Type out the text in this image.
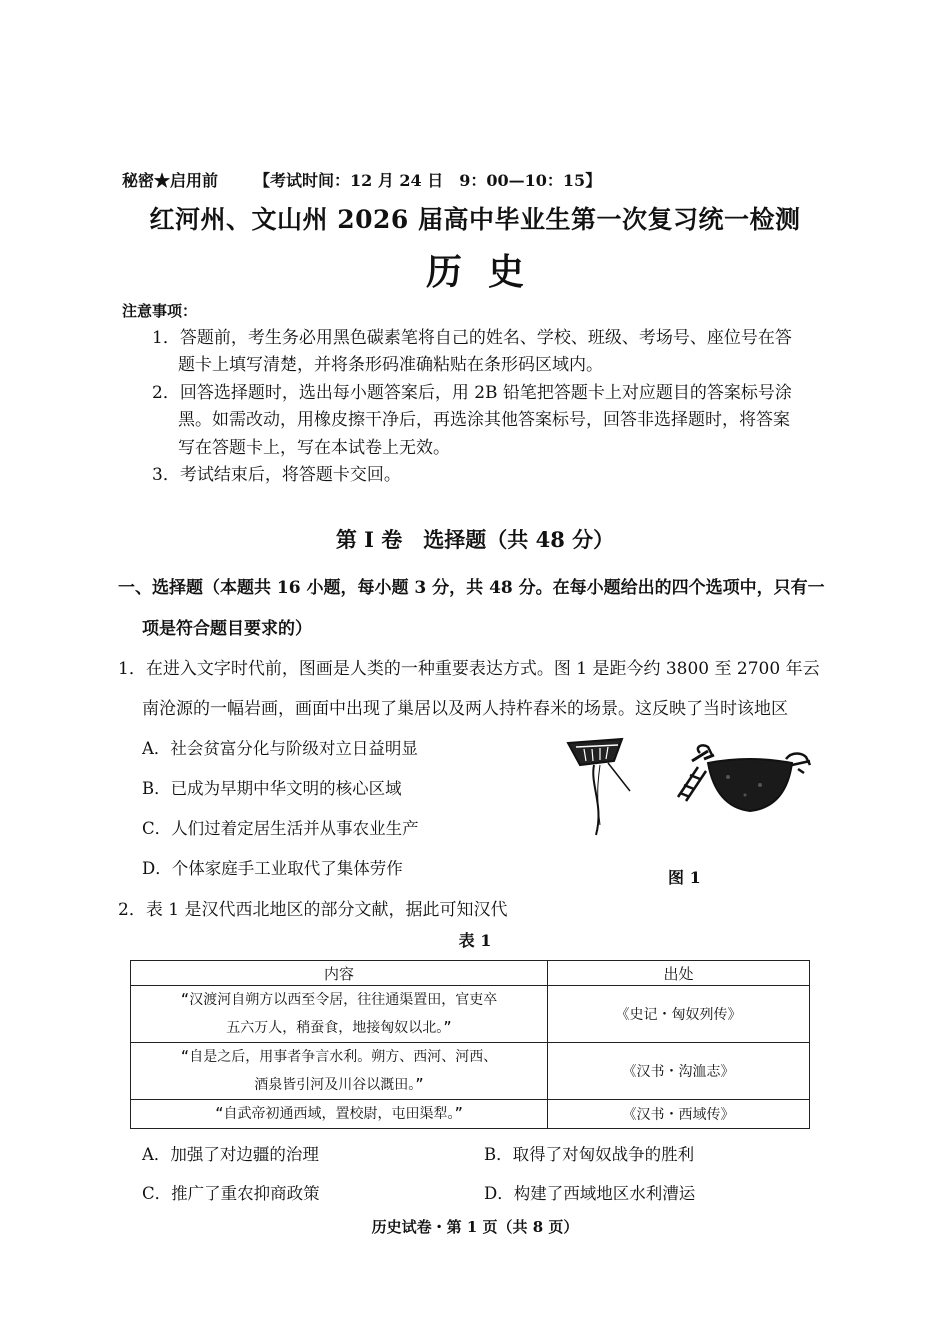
秘密★启用前 【考试时间：12 月 24 日　9：00—10：15】
红河州、文山州 2026 届高中毕业生第一次复习统一检测
历史
注意事项：
1．答题前，考生务必用黑色碳素笔将自己的姓名、学校、班级、考场号、座位号在答
题卡上填写清楚，并将条形码准确粘贴在条形码区域内。
2．回答选择题时，选出每小题答案后，用 2B 铅笔把答题卡上对应题目的答案标号涂
黑。如需改动，用橡皮擦干净后，再选涂其他答案标号，回答非选择题时，将答案
写在答题卡上，写在本试卷上无效。
3．考试结束后，将答题卡交回。
第 I 卷　选择题（共 48 分）
一、选择题（本题共 16 小题，每小题 3 分，共 48 分。在每小题给出的四个选项中，只有一
项是符合题目要求的）
1．在进入文字时代前，图画是人类的一种重要表达方式。图 1 是距今约 3800 至 2700 年云
南沧源的一幅岩画，画面中出现了巢居以及两人持杵舂米的场景。这反映了当时该地区
A．社会贫富分化与阶级对立日益明显
B．已成为早期中华文明的核心区域
C．人们过着定居生活并从事农业生产
D．个体家庭手工业取代了集体劳作	图 1
2．表 1 是汉代西北地区的部分文献，据此可知汉代
表 1
内容	出处

“汉渡河自朔方以西至令居，往往通渠置田，官吏卒
五六万人，稍蚕食，地接匈奴以北。”	《史记・匈奴列传》

“自是之后，用事者争言水利。朔方、西河、河西、
酒泉皆引河及川谷以溉田。”	《汉书・沟洫志》

“自武帝初通西域，置校尉，屯田渠犁。”	《汉书・西域传》
A．加强了对边疆的治理	B．取得了对匈奴战争的胜利
C．推广了重农抑商政策	D．构建了西域地区水利漕运
历史试卷・第 1 页（共 8 页）
